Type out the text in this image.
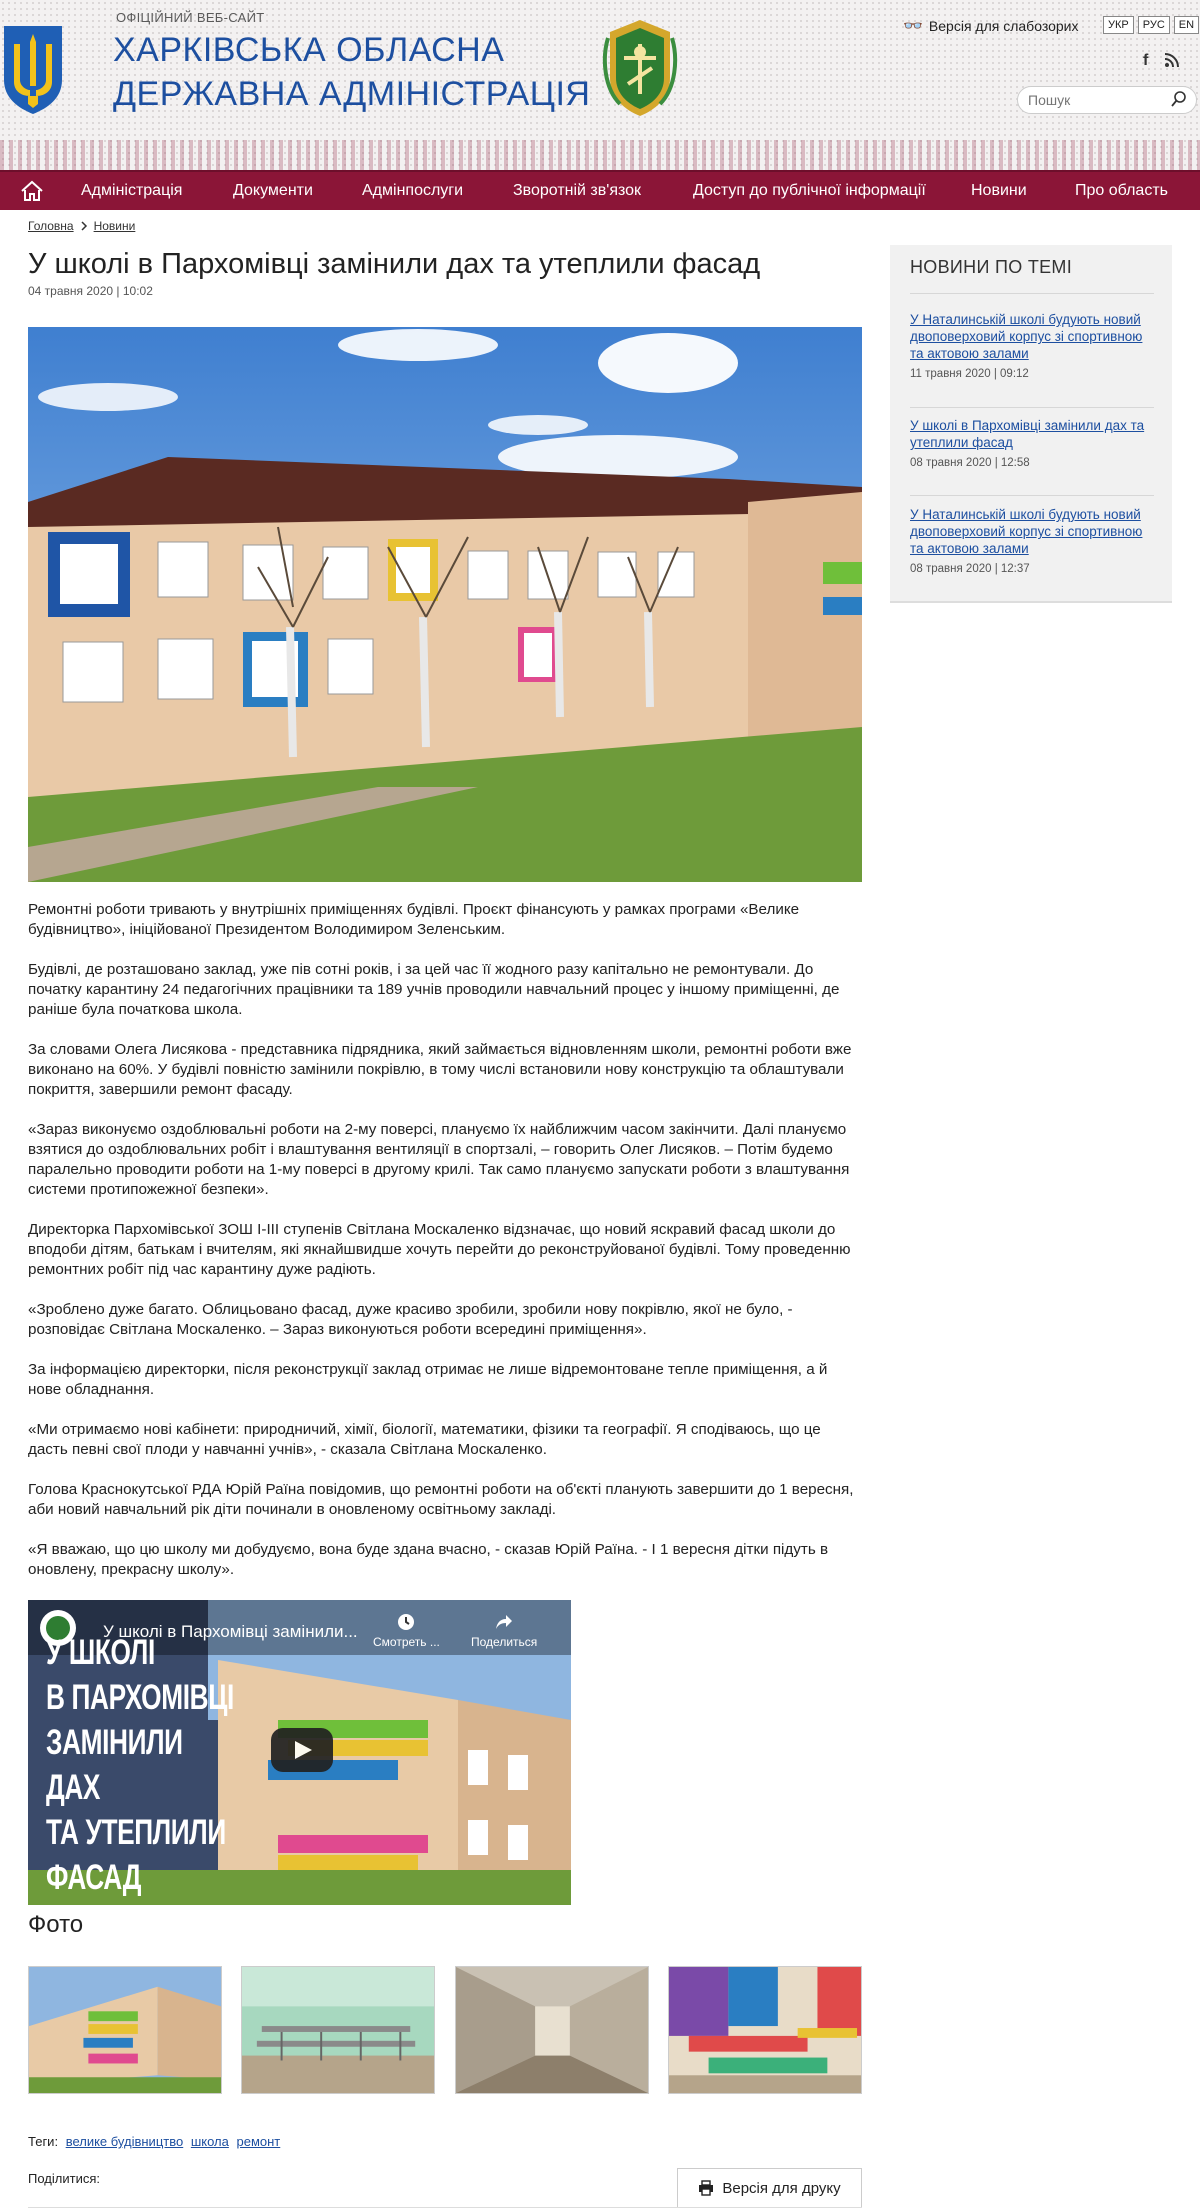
ОФІЦІЙНИЙ ВЕБ-САЙТ
ХАРКІВСЬКА ОБЛАСНА
ДЕРЖАВНА АДМІНІСТРАЦІЯ
👓 Версія для слабозорих	УКР	РУС	EN
f
Пошук
Адміністрація	Документи	Адмінпослуги	Зворотній зв'язок	Доступ до публічної інформації	Новини	Про область
Головна Новини
У школі в Пархомівці замінили дах та утеплили фасад
04 травня 2020 | 10:02

Ремонтні роботи тривають у внутрішніх приміщеннях будівлі. Проєкт фінансують у рамках програми «Велике будівництво», ініційованої Президентом Володимиром Зеленським.

Будівлі, де розташовано заклад, уже пів сотні років, і за цей час її жодного разу капітально не ремонтували. До початку карантину 24 педагогічних працівники та 189 учнів проводили навчальний процес у іншому приміщенні, де раніше була початкова школа.

За словами Олега Лисякова - представника підрядника, який займається відновленням школи, ремонтні роботи вже виконано на 60%. У будівлі повністю замінили покрівлю, в тому числі встановили нову конструкцію та облаштували покриття, завершили ремонт фасаду.

«Зараз виконуємо оздоблювальні роботи на 2-му поверсі, плануємо їх найближчим часом закінчити. Далі плануємо взятися до оздоблювальних робіт і влаштування вентиляції в спортзалі, – говорить Олег Лисяков. – Потім будемо паралельно проводити роботи на 1-му поверсі в другому крилі. Так само плануємо запускати роботи з влаштування системи протипожежної безпеки».

Директорка Пархомівської ЗОШ І-ІІІ ступенів Світлана Москаленко відзначає, що новий яскравий фасад школи до вподоби дітям, батькам і вчителям, які якнайшвидше хочуть перейти до реконструйованої будівлі. Тому проведенню ремонтних робіт під час карантину дуже радіють.

«Зроблено дуже багато. Облицьовано фасад, дуже красиво зробили, зробили нову покрівлю, якої не було, - розповідає Світлана Москаленко. – Зараз виконуються роботи всередині приміщення».

За інформацією директорки, після реконструкції заклад отримає не лише відремонтоване тепле приміщення, а й нове обладнання.

«Ми отримаємо нові кабінети: природничий, хімії, біології, математики, фізики та географії. Я сподіваюсь, що це дасть певні свої плоди у навчанні учнів», - сказала Світлана Москаленко.

Голова Краснокутської РДА Юрій Раїна повідомив, що ремонтні роботи на об'єкті планують завершити до 1 вересня, аби новий навчальний рік діти починали в оновленому освітньому закладі.

«Я вважаю, що цю школу ми добудуємо, вона буде здана вчасно, - сказав Юрій Раїна. - І 1 вересня дітки підуть в оновлену, прекрасну школу».

У ШКОЛІ
В ПАРХОМІВЦІ
ЗАМІНИЛИ
ДАХ
ТА УТЕПЛИЛИ
ФАСАД
У школі в Пархомівці замінили...
Смотреть ...	Поделиться
Фото
Теги: велике будівництво школа ремонт
Поділитися:
Версія для друку
НОВИНИ ПО ТЕМІ
У Наталинській школі будують новий двоповерховий корпус зі спортивною та актовою залами
11 травня 2020 | 09:12
У школі в Пархомівці замінили дах та утеплили фасад
08 травня 2020 | 12:58
У Наталинській школі будують новий двоповерховий корпус зі спортивною та актовою залами
08 травня 2020 | 12:37
